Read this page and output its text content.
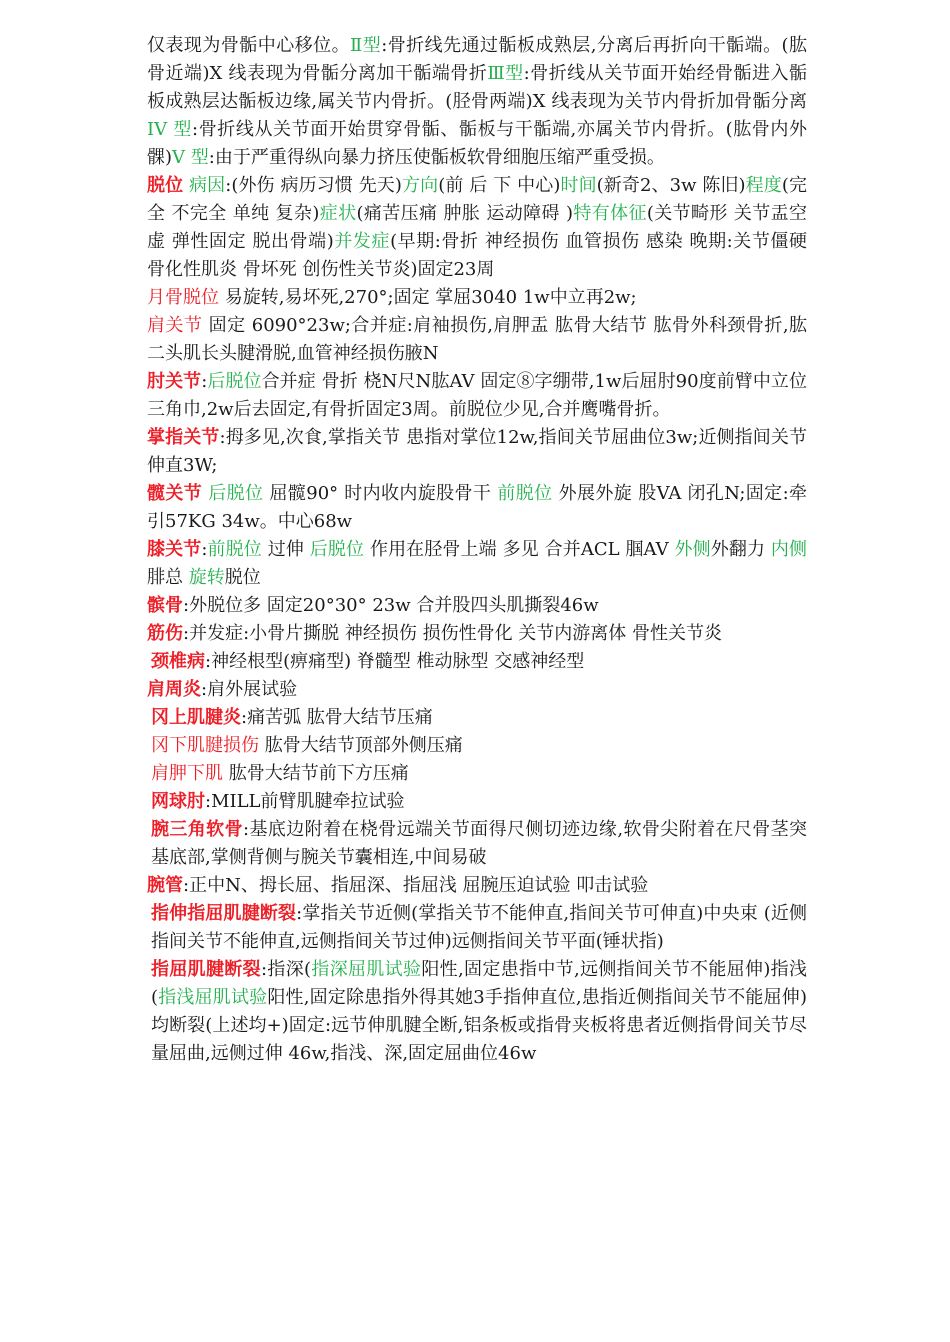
仅表现为骨骺中心移位。Ⅱ型:骨折线先通过骺板成熟层,分离后再折向干骺端。(肱骨近端)X 线表现为骨骺分离加干骺端骨折Ⅲ型:骨折线从关节面开始经骨骺进入骺板成熟层达骺板边缘,属关节内骨折。(胫骨两端)X 线表现为关节内骨折加骨骺分离 IV 型:骨折线从关节面开始贯穿骨骺、骺板与干骺端,亦属关节内骨折。(肱骨内外髁)V 型:由于严重得纵向暴力挤压使骺板软骨细胞压缩严重受损。

脱位 病因:(外伤 病历习惯 先天)方向(前 后 下 中心)时间(新奇2、3w 陈旧)程度(完全 不完全 单纯 复杂)症状(痛苦压痛 肿胀 运动障碍 )特有体征(关节畸形 关节盂空虚 弹性固定 脱出骨端)并发症(早期:骨折 神经损伤 血管损伤 感染 晚期:关节僵硬 骨化性肌炎 骨坏死 创伤性关节炎)固定23周

月骨脱位 易旋转,易坏死,270°;固定 掌屈3040 1w中立再2w;

肩关节 固定 6090°23w;合并症:肩袖损伤,肩胛盂 肱骨大结节 肱骨外科颈骨折,肱二头肌长头腱滑脱,血管神经损伤腋N

肘关节:后脱位合并症 骨折 桡N尺N肱AV 固定⑧字绷带,1w后屈肘90度前臂中立位三角巾,2w后去固定,有骨折固定3周。前脱位少见,合并鹰嘴骨折。

掌指关节:拇多见,次食,掌指关节 患指对掌位12w,指间关节屈曲位3w;近侧指间关节 伸直3W;

髋关节 后脱位 屈髋90° 时内收内旋股骨干 前脱位 外展外旋 股VA 闭孔N;固定:牵引57KG 34w。中心68w

膝关节:前脱位 过伸 后脱位 作用在胫骨上端 多见 合并ACL 腘AV 外侧外翻力 内侧腓总 旋转脱位

髌骨:外脱位多 固定20°30° 23w 合并股四头肌撕裂46w

筋伤:并发症:小骨片撕脱 神经损伤 损伤性骨化 关节内游离体 骨性关节炎

颈椎病:神经根型(痹痛型) 脊髓型 椎动脉型 交感神经型

肩周炎:肩外展试验

冈上肌腱炎:痛苦弧 肱骨大结节压痛

冈下肌腱损伤 肱骨大结节顶部外侧压痛

肩胛下肌 肱骨大结节前下方压痛

网球肘:MILL前臂肌腱牵拉试验

腕三角软骨:基底边附着在桡骨远端关节面得尺侧切迹边缘,软骨尖附着在尺骨茎突基底部,掌侧背侧与腕关节囊相连,中间易破

腕管:正中N、拇长屈、指屈深、指屈浅 屈腕压迫试验 叩击试验

指伸指屈肌腱断裂:掌指关节近侧(掌指关节不能伸直,指间关节可伸直)中央束 (近侧指间关节不能伸直,远侧指间关节过伸)远侧指间关节平面(锤状指)

指屈肌腱断裂:指深(指深屈肌试验阳性,固定患指中节,远侧指间关节不能屈伸)指浅(指浅屈肌试验阳性,固定除患指外得其她3手指伸直位,患指近侧指间关节不能屈伸)均断裂(上述均+)固定:远节伸肌腱全断,铝条板或指骨夹板将患者近侧指骨间关节尽量屈曲,远侧过伸 46w,指浅、深,固定屈曲位46w
